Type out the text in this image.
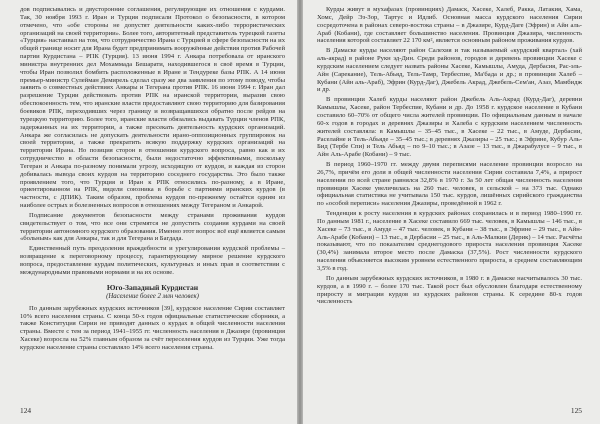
дов подписывались и двусторонние соглашения, регулирующие их отношения с курдами. Так, 30 ноября 1993 г. Иран и Турция подписали Протокол о безопасности, в котором отмечено, что «обе стороны не допустят деятельности каких-либо террористических организаций на своей территории». Более того, авторитетный представитель турецкой газеты «Турция» настаивал на том, что сотрудничество Ирана с Турцией в сфере безопасности на их общей границе носит для Ирана будет предпринимать вооружённые действия против Рабочей партии Курдистана – РПК (Турция). 13 июня 1994 г. Анкара потребовала от иранского министра внутренних дел Мохаммада Бешарати, находившегося в своё время в Турции, чтобы Иран позволил бомбить расположенные в Иране и Тендуреке базы РПК. А 14 июня премьер-министр Сулейман Демирель сделал сразу же два заявления по этому поводу, чтобы заявить о совместных действиях Анкары и Тегерана против РПК. 16 июня 1994 г. Иран дал разрешение Турции действовать против РПК на иранской территории, выразив свою обеспокоенность тем, что иранские власти предоставляют свою территорию для базирования боевиков РПК, переходивших через границу и возвращавшихся обратно после рейдов на турецкую территорию. Более того, иранские власти обязались выдавать Турции членов РПК, задержанных на их территории, а также пресекать деятельность курдских организаций. Анкара же согласилась не допускать деятельности ирано-оппозиционных группировок на своей территории, а также прекратить всякую поддержку курдских организаций на территории Ирана. Но позиция сторон в отношении курдского вопроса, равно как и их сотрудничество в области безопасности, были недостаточно эффективными, поскольку Тегеран и Анкара по-разному понимали угрозу, исходящую от курдов, и каждая из сторон добивалась вывода своих курдов на территорию соседнего государства. Это было также проявлением того, что Турция и Иран к РПК относились по-разному, а в Иране, ориентированном на РПК, видели союзника в борьбе с партиями иранских курдов (в частности, с ДПИК). Таким образом, проблема курдов по-прежнему остаётся одним из наиболее острых и болезненных вопросов в отношениях между Тегераном и Анкарой.

Подписание документов безопасности между странами проживания курдов свидетельствует о том, что все они стремятся не допустить создания курдами на своей территории автономного курдского образования. Именно этот вопрос всё ещё является самым «больным» как для Анкары, так и для Тегерана и Багдада.

Единственный путь преодоления враждебности и урегулирования курдской проблемы – возвращение к переговорному процессу, гарантирующему мирное решение курдского вопроса, предоставление курдам политических, культурных и иных прав в соответствии с международными правовыми нормами и на их основе.

Юго-Западный Курдистан
(Население более 2 млн человек)

По данным зарубежных курдских источников [39], курдское население Сирии составляет 10% всего населения страны. С конца 50-х годов официальные статистические сборники, а также Конституция Сирии не приводят данных о курдах в общей численности населения страны. Вместе с тем за период 1941–1955 гг. численность населения в Джазире (провинция Хасеке) возросла на 52% главным образом за счёт переселения курдов из Турции. Уже тогда курдское население страны составляло 14% всего населения страны.

124

Курды живут в мухафазах (провинциях) Дамаск, Хасеке, Халеб, Ракка, Латакия, Хама, Хомс, Дейр Эз-Зор, Тартус и Идлиб. Основная масса курдского населения Сирии сосредоточена в районах северо-востока страны – в Джазире, Курд-Даге (Эфрин) и Айн аль-Араб (Кобани), где составляет большинство населения. Провинция Джазира, численность населения которой составляет 22 170 км², является основным районом проживания курдов.

В Дамаске курды населяют район Салехия и так называемый «курдский квартал» (хай аль-акрад) в районе Рукн эд-Дин. Среди районов, городов и деревень провинции Хасеке с курдским населением следует назвать районы Хасеке, Камышлы, Амуда, Дербасия, Рас-эль-Айн (Сарекание), Тель-Абьяд, Тель-Тамр, Тербеспие, Ма'бада и др.; в провинции Халеб – Кубани (Айн аль-Араб), Эфрин (Курд-Даг), Джебель Акрад, Джебель-Сем'ан, Азаз, Мамбидж и др.

В провинции Халеб курды населяют район Джебель Аль-Акрад (Курд-Даг), деревни Камышлы, Хасеке, район Тербеспие, Кубани и др. До 1958 г. курдское население в Кубани составило 60–70% от общего числа жителей провинции. По официальным данным в начале 60-х годов в городах и деревнях Джазиры и Халеба с курдским населением численность жителей составляла: в Камышлы – 35–45 тыс., в Хасеке – 22 тыс., в Амуде, Дербасии, Раселайне и Тель-Абьяде – 35–45 тыс.; в деревнях Джазиры – 25 тыс.; в Эфрине, Кубур Аль-Бид (Тербе Спи) и Тель Абьяд – по 9–10 тыс.; в Азазе – 13 тыс., в Джарабулусе – 9 тыс., в Айн Аль-Арабе (Кобани) – 9 тыс.

В период 1960–1970 гг. между двумя переписями население провинции возросло на 26,7%, причём его доля в общей численности населения Сирии составила 7,4%, а прирост населения по всей стране равнялся 32,8% в 1970 г. За 50 лет общая численность населения провинции Хасеке увеличилась на 260 тыс. человек, в сельской – на 373 тыс. Однако официальная статистика не учитывала 150 тыс. курдов, лишённых сирийского гражданства по «особой переписи» населения Джазиры, проведённой в 1962 г.

Тенденция к росту населения в курдских районах сохранилась и в период 1980–1990 гг. По данным 1981 г., население в Хасеке составило 669 тыс. человек, в Камышлы – 146 тыс., в Хасеке – 73 тыс., в Амуде – 47 тыс. человек, в Кубани – 38 тыс., в Эфрине – 29 тыс., в Айн-Аль-Арабе (Кобани) – 13 тыс., в Дербасии – 25 тыс., в Аль-Малкии (Дерик) – 14 тыс. Расчёты показывают, что по показателям среднегодового прироста населения провинция Хасеке (30,4%) занимала второе место после Дамаска (37,5%). Рост численности курдского населения объясняется высоким уровнем естественного прироста, в среднем составляющим 3,5% в год.

По данным зарубежных курдских источников, в 1980 г. в Дамаске насчитывалось 30 тыс. курдов, а в 1990 г. – более 170 тыс. Такой рост был обусловлен благодаря естественному приросту и миграции курдов из курдских районов страны. К середине 80-х годов численность

125
